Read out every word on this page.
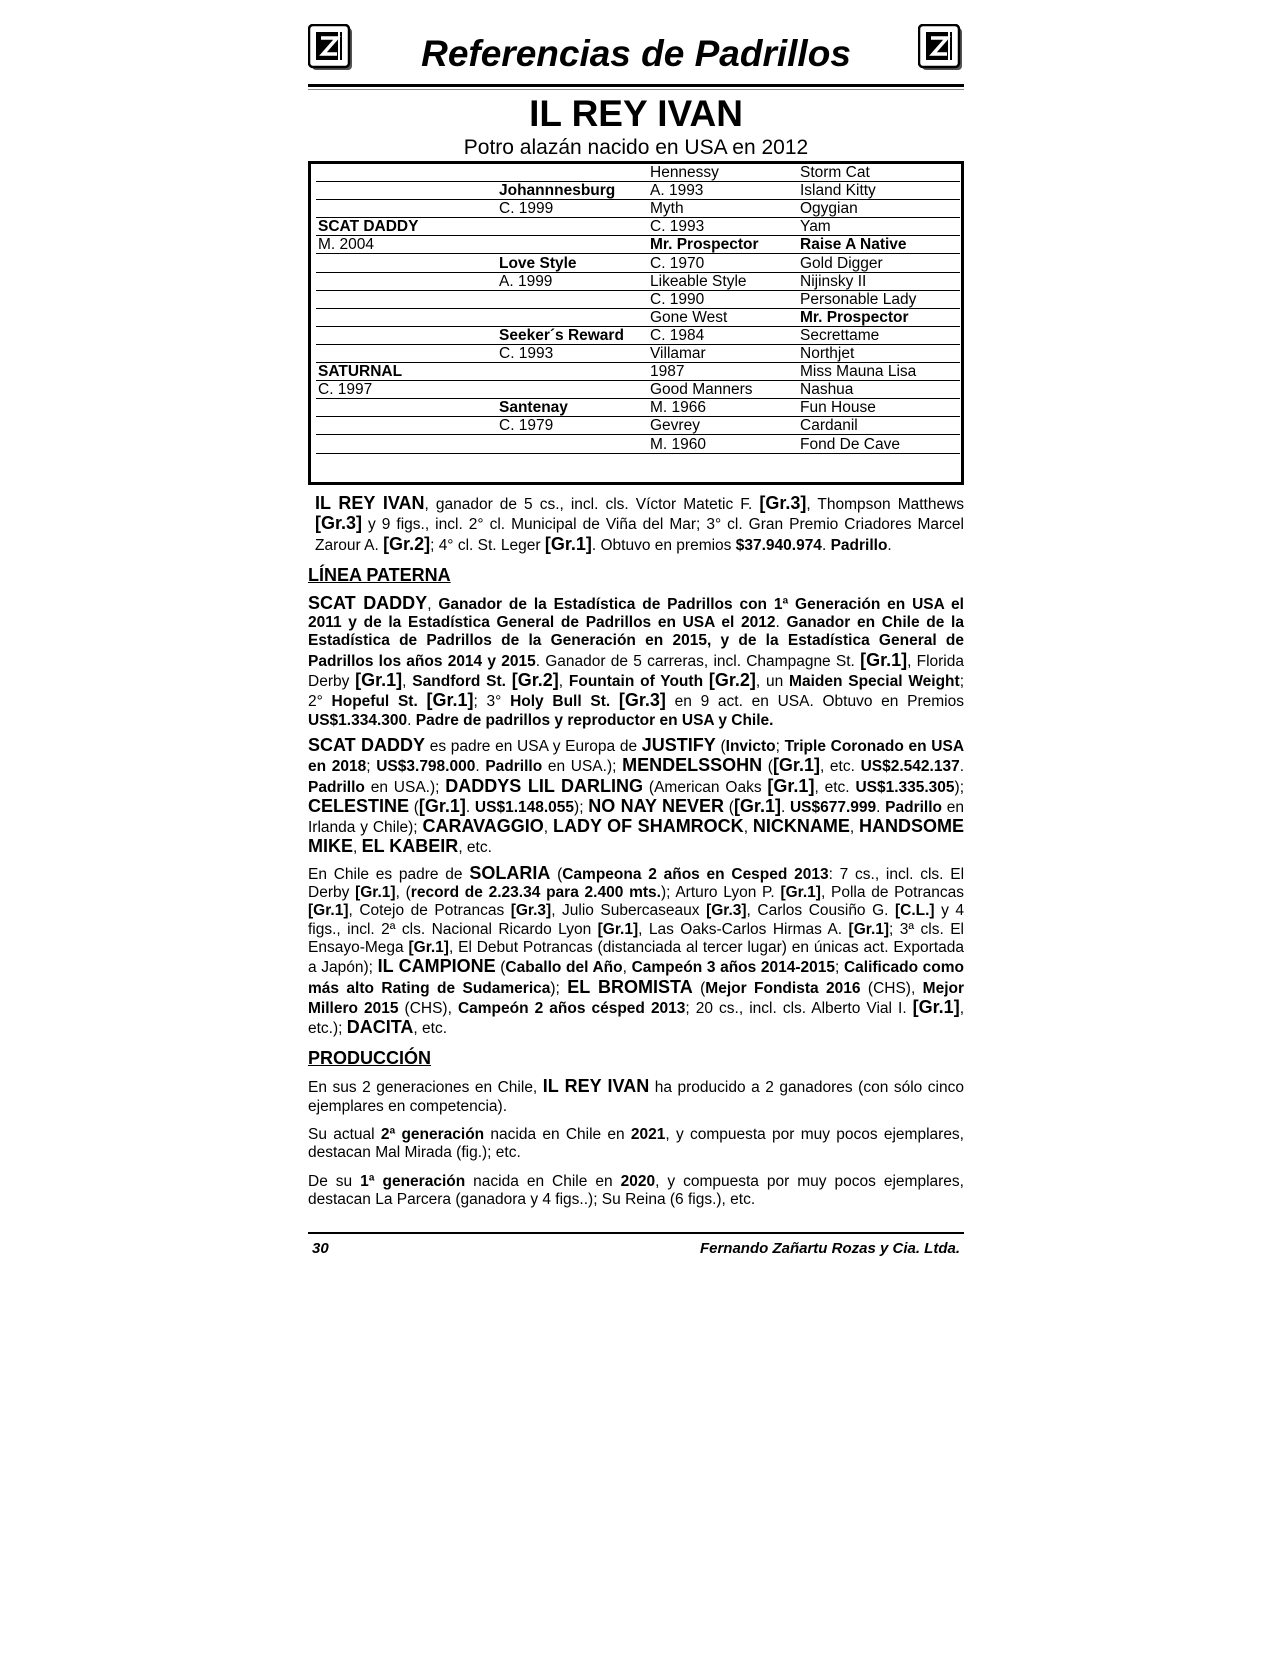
Referencias de Padrillos
IL REY IVAN
Potro alazán nacido en USA en 2012
		Hennessy	Storm Cat
	Johannnesburg	A. 1993	Island Kitty
	C. 1999	Myth	Ogygian
SCAT DADDY		C. 1993	Yam
M. 2004		Mr. Prospector	Raise A Native
	Love Style	C. 1970	Gold Digger
	A. 1999	Likeable Style	Nijinsky II
		C. 1990	Personable Lady
		Gone West	Mr. Prospector
	Seeker´s Reward	C. 1984	Secrettame
	C. 1993	Villamar	Northjet
SATURNAL		1987	Miss Mauna Lisa
C. 1997		Good Manners	Nashua
	Santenay	M. 1966	Fun House
	C. 1979	Gevrey	Cardanil
		M. 1960	Fond De Cave

IL REY IVAN, ganador de 5 cs., incl. cls. Víctor Matetic F. [Gr.3], Thompson Matthews [Gr.3] y 9 figs., incl. 2° cl. Municipal de Viña del Mar; 3° cl. Gran Premio Criadores Marcel Zarour A. [Gr.2]; 4° cl. St. Leger [Gr.1]. Obtuvo en premios $37.940.974. Padrillo.

LÍNEA PATERNA

SCAT DADDY, Ganador de la Estadística de Padrillos con 1ª Generación en USA el 2011 y de la Estadística General de Padrillos en USA el 2012. Ganador en Chile de la Estadística de Padrillos de la Generación en 2015, y de la Estadística General de Padrillos los años 2014 y 2015. Ganador de 5 carreras, incl. Champagne St. [Gr.1], Florida Derby [Gr.1], Sandford St. [Gr.2], Fountain of Youth [Gr.2], un Maiden Special Weight; 2° Hopeful St. [Gr.1]; 3° Holy Bull St. [Gr.3] en 9 act. en USA. Obtuvo en Premios US$1.334.300. Padre de padrillos y reproductor en USA y Chile.

SCAT DADDY es padre en USA y Europa de JUSTIFY (Invicto; Triple Coronado en USA en 2018; US$3.798.000. Padrillo en USA.); MENDELSSOHN ([Gr.1], etc. US$2.542.137. Padrillo en USA.); DADDYS LIL DARLING (American Oaks [Gr.1], etc. US$1.335.305); CELESTINE ([Gr.1]. US$1.148.055); NO NAY NEVER ([Gr.1]. US$677.999. Padrillo en Irlanda y Chile); CARAVAGGIO, LADY OF SHAMROCK, NICKNAME, HANDSOME MIKE, EL KABEIR, etc.

En Chile es padre de SOLARIA (Campeona 2 años en Cesped 2013: 7 cs., incl. cls. El Derby [Gr.1], (record de 2.23.34 para 2.400 mts.); Arturo Lyon P. [Gr.1], Polla de Potrancas [Gr.1], Cotejo de Potrancas [Gr.3], Julio Subercaseaux [Gr.3], Carlos Cousiño G. [C.L.] y 4 figs., incl. 2ª cls. Nacional Ricardo Lyon [Gr.1], Las Oaks-Carlos Hirmas A. [Gr.1]; 3ª cls. El Ensayo-Mega [Gr.1], El Debut Potrancas (distanciada al tercer lugar) en únicas act. Exportada a Japón); IL CAMPIONE (Caballo del Año, Campeón 3 años 2014-2015; Calificado como más alto Rating de Sudamerica); EL BROMISTA (Mejor Fondista 2016 (CHS), Mejor Millero 2015 (CHS), Campeón 2 años césped 2013; 20 cs., incl. cls. Alberto Vial I. [Gr.1], etc.); DACITA, etc.

PRODUCCIÓN

En sus 2 generaciones en Chile, IL REY IVAN ha producido a 2 ganadores (con sólo cinco ejemplares en competencia).

Su actual 2ª generación nacida en Chile en 2021, y compuesta por muy pocos ejemplares, destacan Mal Mirada (fig.); etc.

De su 1ª generación nacida en Chile en 2020, y compuesta por muy pocos ejemplares, destacan La Parcera (ganadora y 4 figs..); Su Reina (6 figs.), etc.

30	Fernando Zañartu Rozas y Cia. Ltda.
